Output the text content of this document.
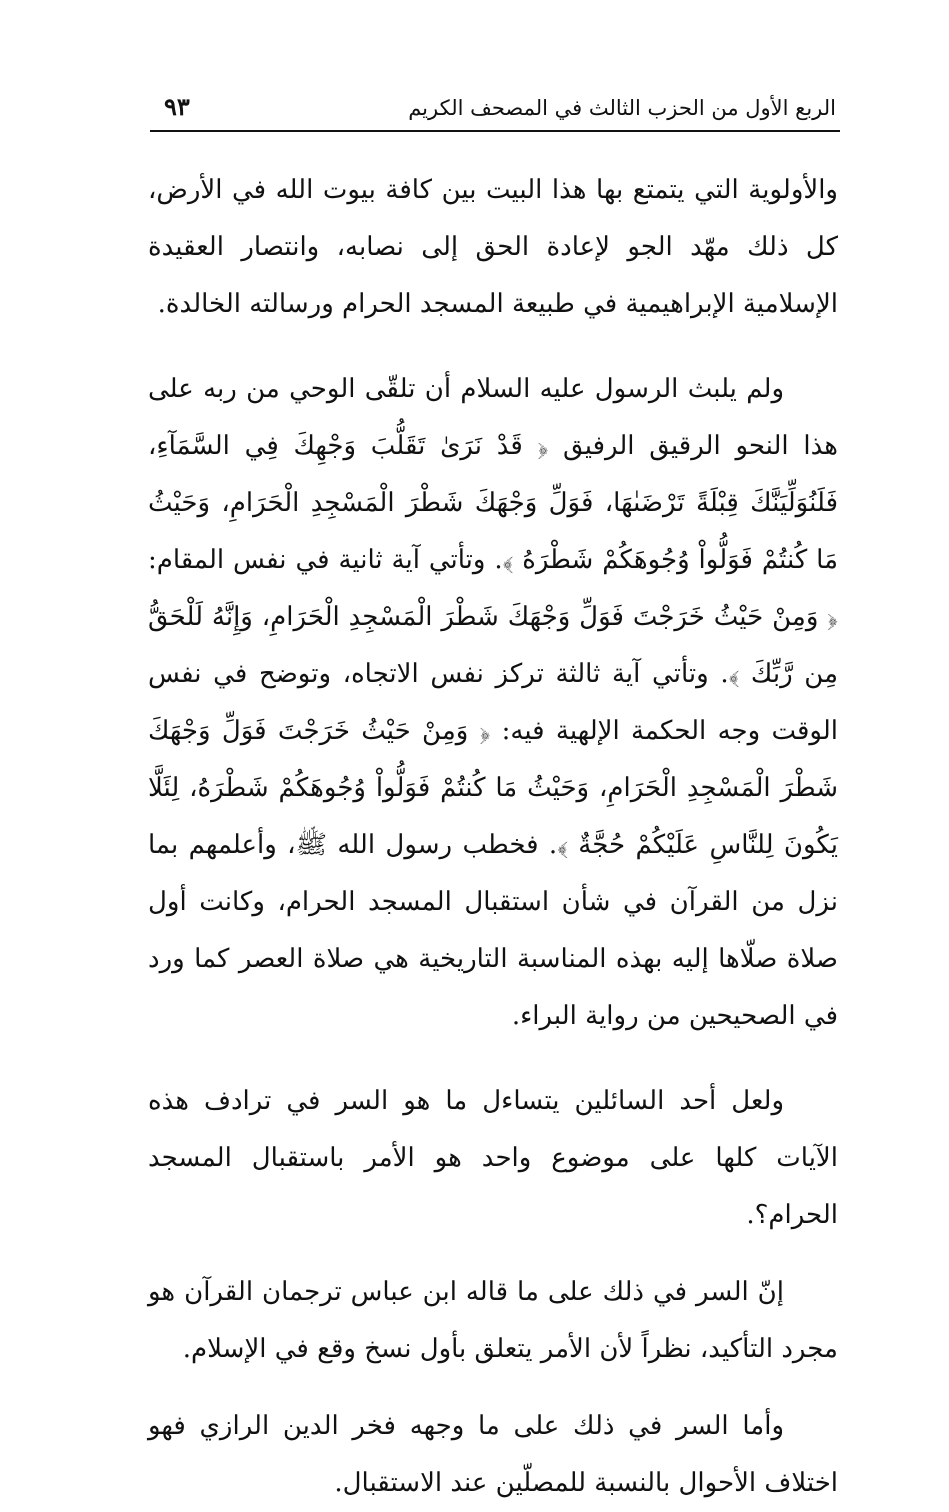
الربع الأول من الحزب الثالث في المصحف الكريم
٩٣

والأولوية التي يتمتع بها هذا البيت بين كافة بيوت الله في الأرض، كل ذلك مهّد الجو لإعادة الحق إلى نصابه، وانتصار العقيدة الإسلامية الإبراهيمية في طبيعة المسجد الحرام ورسالته الخالدة.

ولم يلبث الرسول عليه السلام أن تلقّى الوحي من ربه على هذا النحو الرقيق الرفيق ﴿ قَدْ نَرَىٰ تَقَلُّبَ وَجْهِكَ فِي السَّمَآءِ، فَلَنُوَلِّيَنَّكَ قِبْلَةً تَرْضَىٰهَا، فَوَلِّ وَجْهَكَ شَطْرَ الْمَسْجِدِ الْحَرَامِ، وَحَيْثُ مَا كُنتُمْ فَوَلُّواْ وُجُوهَكُمْ شَطْرَهُ ﴾. وتأتي آية ثانية في نفس المقام: ﴿ وَمِنْ حَيْثُ خَرَجْتَ فَوَلِّ وَجْهَكَ شَطْرَ الْمَسْجِدِ الْحَرَامِ، وَإِنَّهُ لَلْحَقُّ مِن رَّبِّكَ ﴾. وتأتي آية ثالثة تركز نفس الاتجاه، وتوضح في نفس الوقت وجه الحكمة الإلهية فيه: ﴿ وَمِنْ حَيْثُ خَرَجْتَ فَوَلِّ وَجْهَكَ شَطْرَ الْمَسْجِدِ الْحَرَامِ، وَحَيْثُ مَا كُنتُمْ فَوَلُّواْ وُجُوهَكُمْ شَطْرَهُ، لِئَلَّا يَكُونَ لِلنَّاسِ عَلَيْكُمْ حُجَّةٌ ﴾. فخطب رسول الله ﷺ، وأعلمهم بما نزل من القرآن في شأن استقبال المسجد الحرام، وكانت أول صلاة صلّاها إليه بهذه المناسبة التاريخية هي صلاة العصر كما ورد في الصحيحين من رواية البراء.

ولعل أحد السائلين يتساءل ما هو السر في ترادف هذه الآيات كلها على موضوع واحد هو الأمر باستقبال المسجد الحرام؟.

إنّ السر في ذلك على ما قاله ابن عباس ترجمان القرآن هو مجرد التأكيد، نظراً لأن الأمر يتعلق بأول نسخ وقع في الإسلام.

وأما السر في ذلك على ما وجهه فخر الدين الرازي فهو اختلاف الأحوال بالنسبة للمصلّين عند الاستقبال.
